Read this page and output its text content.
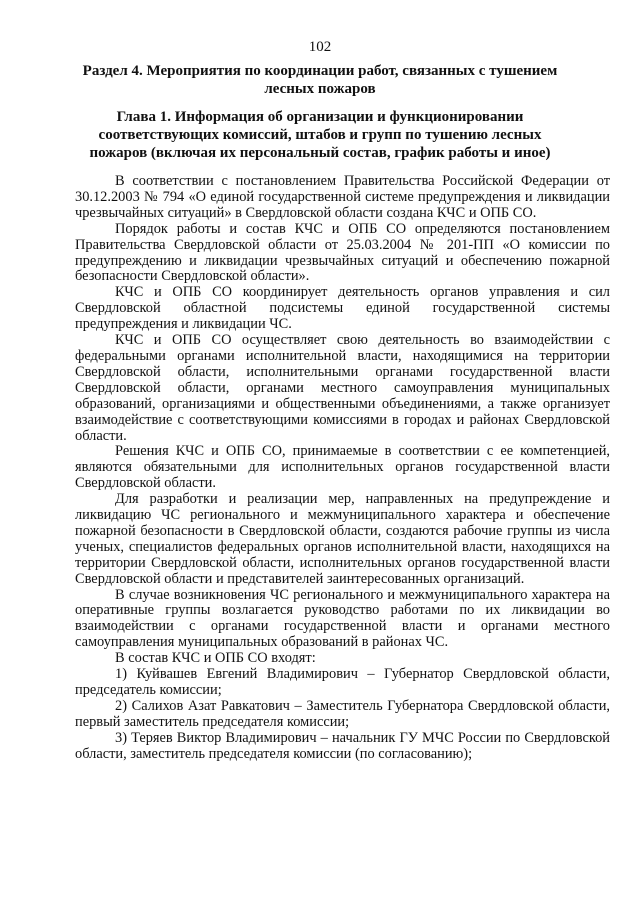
102
Раздел 4. Мероприятия по координации работ, связанных с тушением лесных пожаров
Глава 1. Информация об организации и функционировании соответствующих комиссий, штабов и групп по тушению лесных пожаров (включая их персональный состав, график работы и иное)

В соответствии с постановлением Правительства Российской Федерации от 30.12.2003 № 794 «О единой государственной системе предупреждения и ликвидации чрезвычайных ситуаций» в Свердловской области создана КЧС и ОПБ СО.

Порядок работы и состав КЧС и ОПБ СО определяются постановлением Правительства Свердловской области от 25.03.2004 № 201-ПП «О комиссии по предупреждению и ликвидации чрезвычайных ситуаций и обеспечению пожарной безопасности Свердловской области».

КЧС и ОПБ СО координирует деятельность органов управления и сил Свердловской областной подсистемы единой государственной системы предупреждения и ликвидации ЧС.

КЧС и ОПБ СО осуществляет свою деятельность во взаимодействии с федеральными органами исполнительной власти, находящимися на территории Свердловской области, исполнительными органами государственной власти Свердловской области, органами местного самоуправления муниципальных образований, организациями и общественными объединениями, а также организует взаимодействие с соответствующими комиссиями в городах и районах Свердловской области.

Решения КЧС и ОПБ СО, принимаемые в соответствии с ее компетенцией, являются обязательными для исполнительных органов государственной власти Свердловской области.

Для разработки и реализации мер, направленных на предупреждение и ликвидацию ЧС регионального и межмуниципального характера и обеспечение пожарной безопасности в Свердловской области, создаются рабочие группы из числа ученых, специалистов федеральных органов исполнительной власти, находящихся на территории Свердловской области, исполнительных органов государственной власти Свердловской области и представителей заинтересованных организаций.

В случае возникновения ЧС регионального и межмуниципального характера на оперативные группы возлагается руководство работами по их ликвидации во взаимодействии с органами государственной власти и органами местного самоуправления муниципальных образований в районах ЧС.

В состав КЧС и ОПБ СО входят:

1) Куйвашев Евгений Владимирович – Губернатор Свердловской области, председатель комиссии;

2) Салихов Азат Равкатович – Заместитель Губернатора Свердловской области, первый заместитель председателя комиссии;

3) Теряев Виктор Владимирович – начальник ГУ МЧС России по Свердловской области, заместитель председателя комиссии (по согласованию);
